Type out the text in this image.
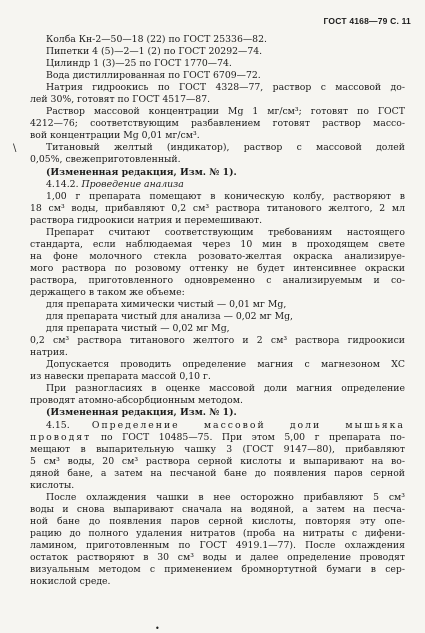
ГОСТ 4168—79 С. 11
\

Колба Кн-2—50—18 (22) по ГОСТ 25336—82.

Пипетки 4 (5)—2—1 (2) по ГОСТ 20292—74.

Цилиндр 1 (3)—25 по ГОСТ 1770—74.

Вода дистиллированная по ГОСТ 6709—72.

Натрия гидроокись по ГОСТ 4328—77, раствор с массовой до-

лей 30%, готовят по ГОСТ 4517—87.

Раствор массовой концентрации Mg 1 мг/см³; готовят по ГОСТ

4212—76; соответствующим разбавлением готовят раствор массо-

вой концентрации Mg 0,01 мг/см³.

Титановый желтый (индикатор), раствор с массовой долей

0,05%, свежеприготовленный.

(Измененная редакция, Изм. № 1).

4.14.2. Проведение анализа

1,00 г препарата помещают в коническую колбу, растворяют в

18 см³ воды, прибавляют 0,2 см³ раствора титанового желтого, 2 мл

раствора гидроокиси натрия и перемешивают.

Препарат считают соответствующим требованиям настоящего

стандарта, если наблюдаемая через 10 мин в проходящем свете

на фоне молочного стекла розовато-желтая окраска анализируе-

мого раствора по розовому оттенку не будет интенсивнее окраски

раствора, приготовленного одновременно с анализируемым и со-

держащего в таком же объеме:

для препарата химически чистый — 0,01 мг Mg,

для препарата чистый для анализа — 0,02 мг Mg,

для препарата чистый — 0,02 мг Mg,

0,2 см³ раствора титанового желтого и 2 см³ раствора гидроокиси

натрия.

Допускается проводить определение магния с магнезоном ХС

из навески препарата массой 0,10 г.

При разногласиях в оценке массовой доли магния определение

проводят атомно-абсорбционным методом.

(Измененная редакция, Изм. № 1).

4.15. Определение массовой доли мышьяка

проводят по ГОСТ 10485—75. При этом 5,00 г препарата по-

мещают в выпарительную чашку 3 (ГОСТ 9147—80), прибавляют

5 см³ воды, 20 см³ раствора серной кислоты и выпаривают на во-

дяной бане, а затем на песчаной бане до появления паров серной

кислоты.

После охлаждения чашки в нее осторожно прибавляют 5 см³

воды и снова выпаривают сначала на водяной, а затем на песча-

ной бане до появления паров серной кислоты, повторяя эту опе-

рацию до полного удаления нитратов (проба на нитраты с дифени-

ламином, приготовленным по ГОСТ 4919.1—77). После охлаждения

остаток растворяют в 30 см³ воды и далее определение проводят

визуальным методом с применением бромнортутной бумаги в сер-

нокислой среде.

•
